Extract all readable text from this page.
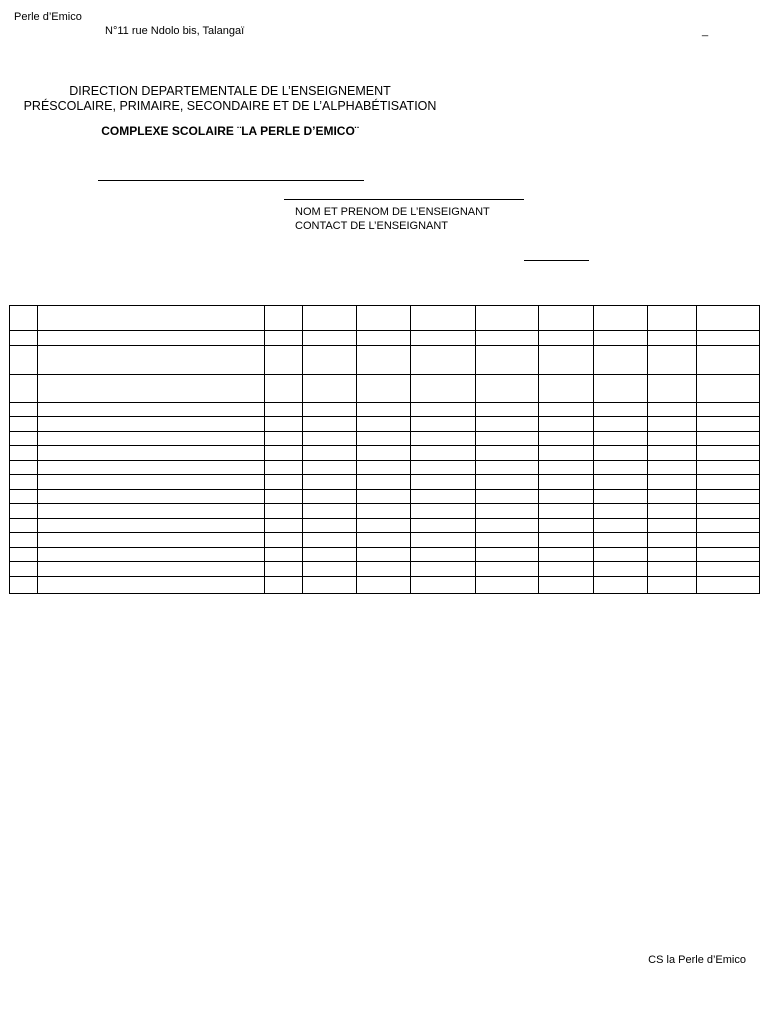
Perle d’Emico
N°11 rue Ndolo bis, Talangaï	_
DIRECTION DEPARTEMENTALE DE L’ENSEIGNEMENT
PRÉSCOLAIRE, PRIMAIRE, SECONDAIRE ET DE L’ALPHABÉTISATION
COMPLEXE SCOLAIRE ¨LA PERLE D’EMICO¨
NOM ET PRENOM DE L’ENSEIGNANT
CONTACT DE L’ENSEIGNANT

CS la Perle d’Emico
